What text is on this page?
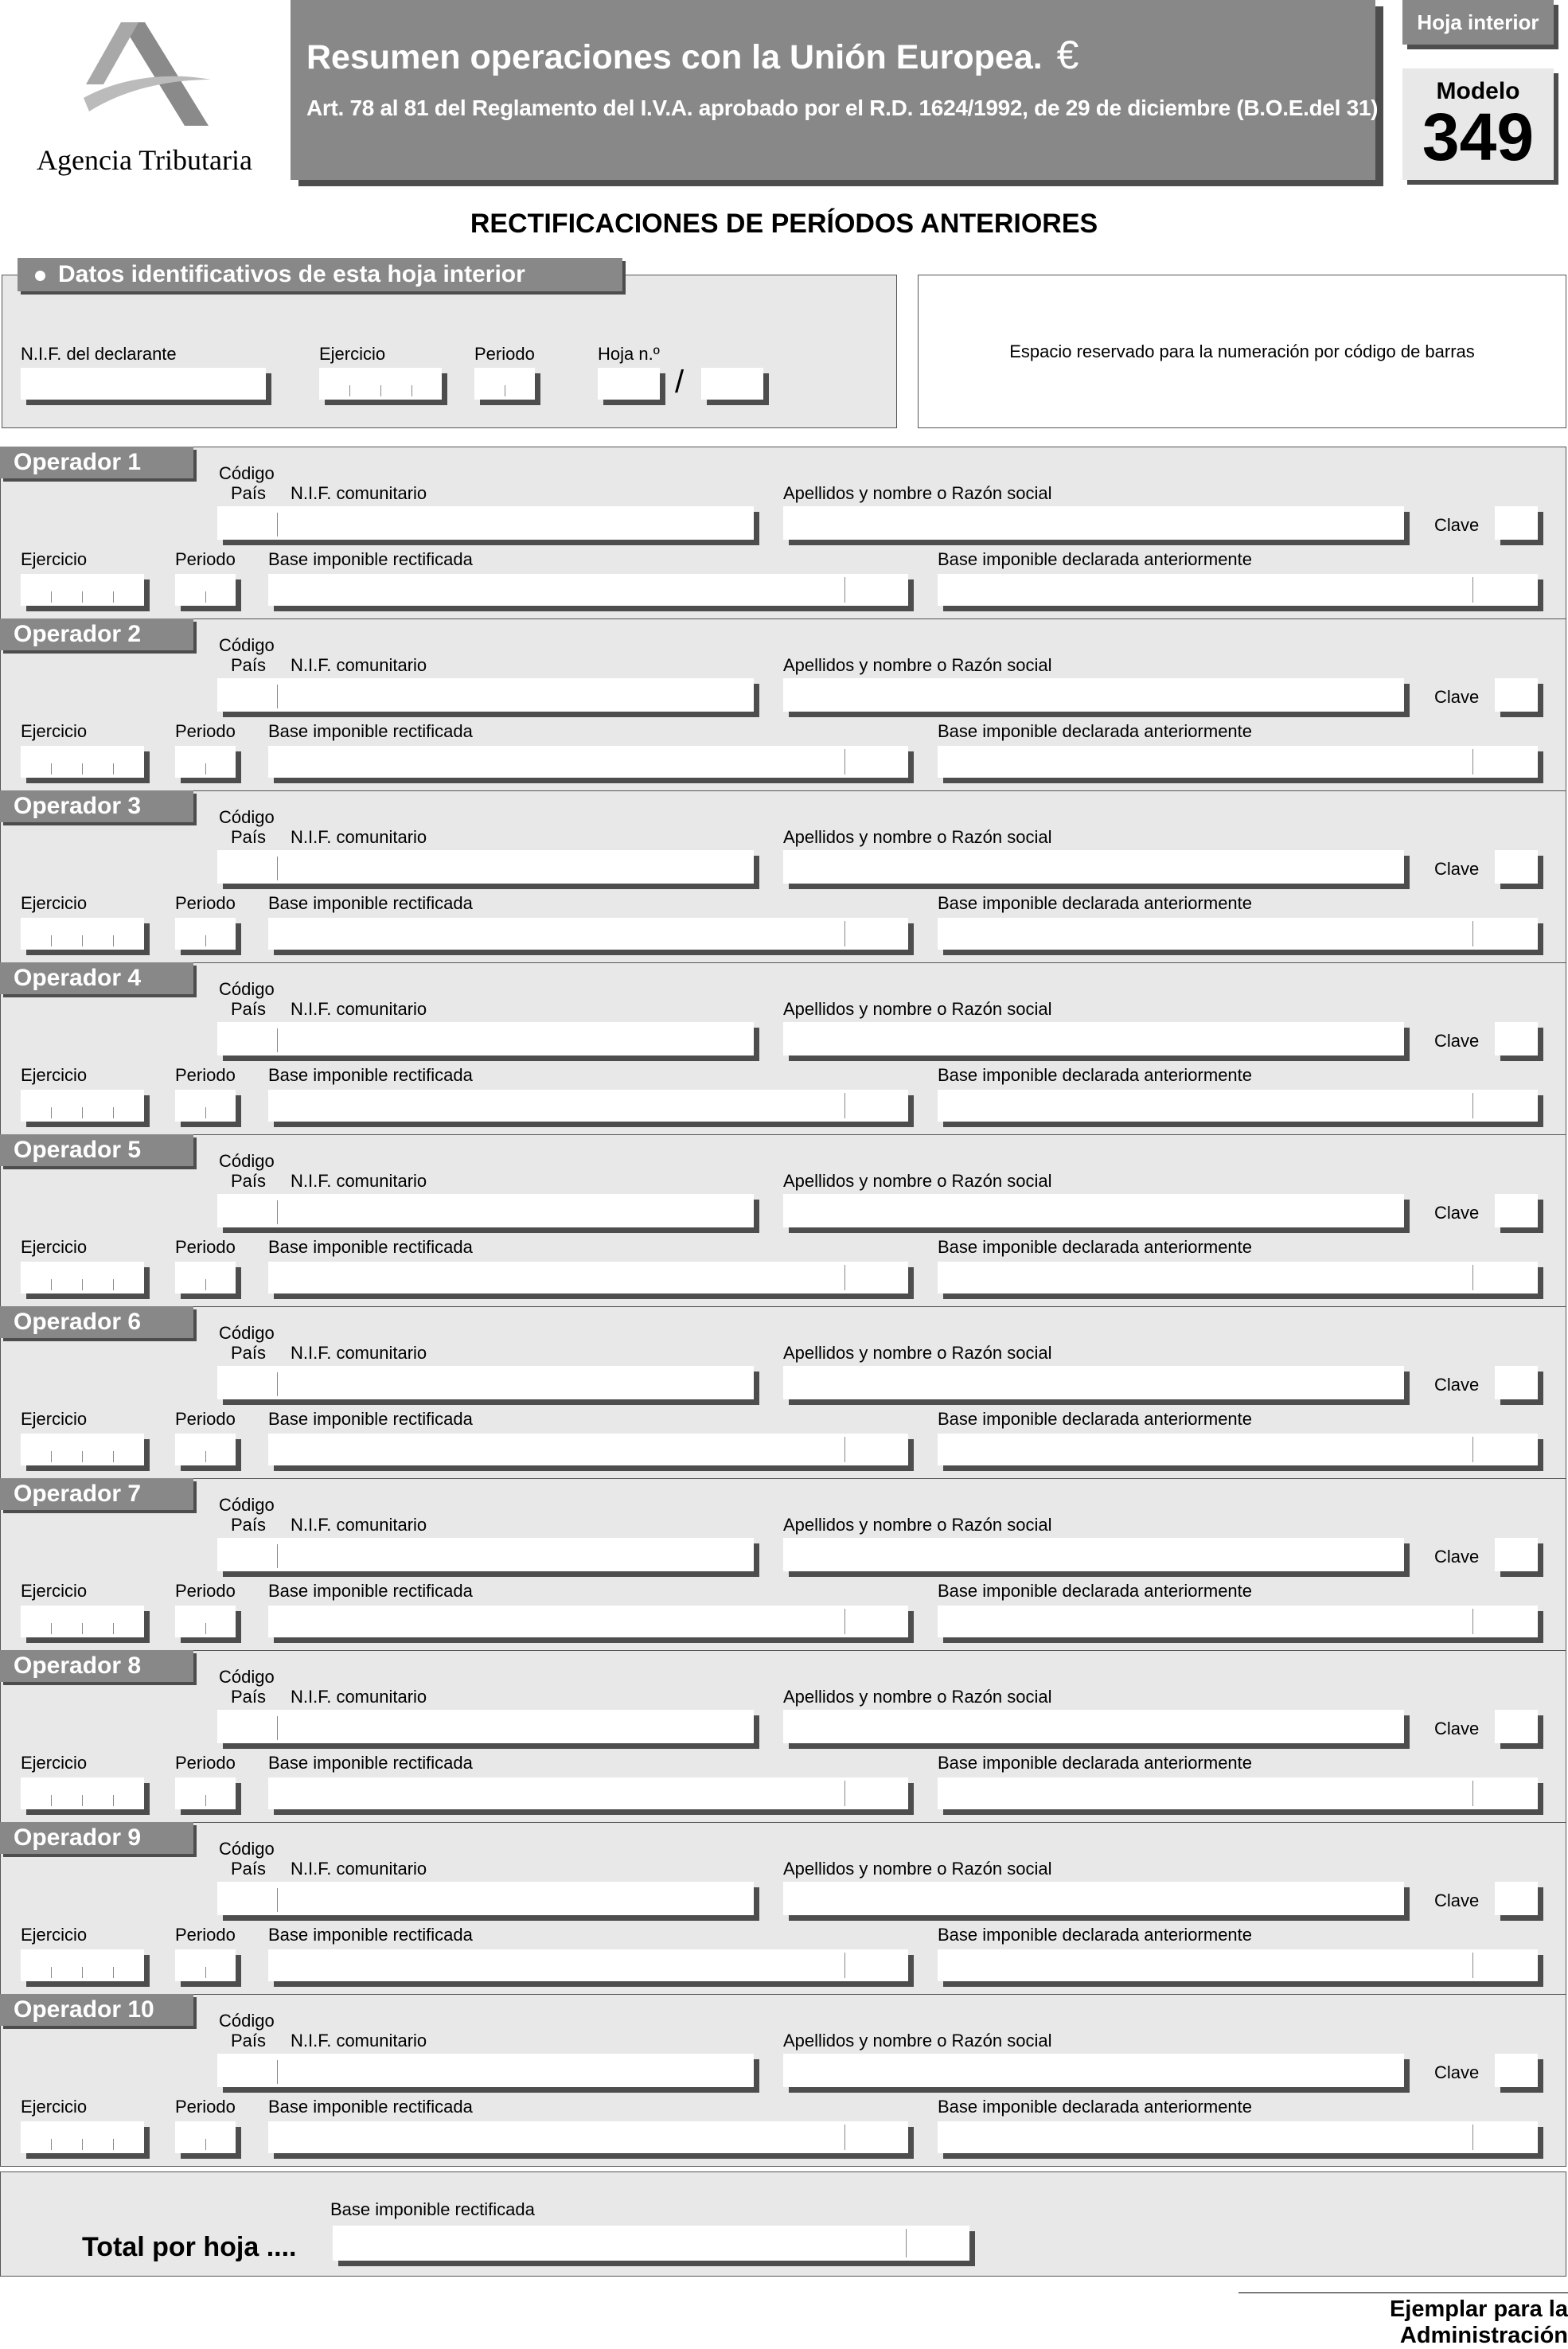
Agencia Tributaria
Resumen operaciones con la Unión Europea. €
Art. 78 al 81 del Reglamento del I.V.A. aprobado por el R.D. 1624/1992, de 29 de diciembre (B.O.E.del 31)
Hoja interior
Modelo
349
RECTIFICACIONES DE PERÍODOS ANTERIORES
Datos identificativos de esta hoja interior
N.I.F. del declarante	Ejercicio	Periodo	Hoja n.º
/
Espacio reservado para la numeración por código de barras
Operador 1	Código
País N.I.F. comunitario	Apellidos y nombre o Razón social
Clave
Ejercicio	Periodo Base imponible rectificada	Base imponible declarada anteriormente
Operador 2	Código
País N.I.F. comunitario	Apellidos y nombre o Razón social
Clave
Ejercicio	Periodo Base imponible rectificada	Base imponible declarada anteriormente
Operador 3	Código
País N.I.F. comunitario	Apellidos y nombre o Razón social
Clave
Ejercicio	Periodo Base imponible rectificada	Base imponible declarada anteriormente
Operador 4	Código
País N.I.F. comunitario	Apellidos y nombre o Razón social
Clave
Ejercicio	Periodo Base imponible rectificada	Base imponible declarada anteriormente
Operador 5	Código
País N.I.F. comunitario	Apellidos y nombre o Razón social
Clave
Ejercicio	Periodo Base imponible rectificada	Base imponible declarada anteriormente
Operador 6	Código
País N.I.F. comunitario	Apellidos y nombre o Razón social
Clave
Ejercicio	Periodo Base imponible rectificada	Base imponible declarada anteriormente
Operador 7	Código
País N.I.F. comunitario	Apellidos y nombre o Razón social
Clave
Ejercicio	Periodo Base imponible rectificada	Base imponible declarada anteriormente
Operador 8	Código
País N.I.F. comunitario	Apellidos y nombre o Razón social
Clave
Ejercicio	Periodo Base imponible rectificada	Base imponible declarada anteriormente
Operador 9	Código
País N.I.F. comunitario	Apellidos y nombre o Razón social
Clave
Ejercicio	Periodo Base imponible rectificada	Base imponible declarada anteriormente
Operador 10	Código
País N.I.F. comunitario	Apellidos y nombre o Razón social
Clave
Ejercicio	Periodo Base imponible rectificada	Base imponible declarada anteriormente
Base imponible rectificada
Total por hoja ....
Ejemplar para la Administración
